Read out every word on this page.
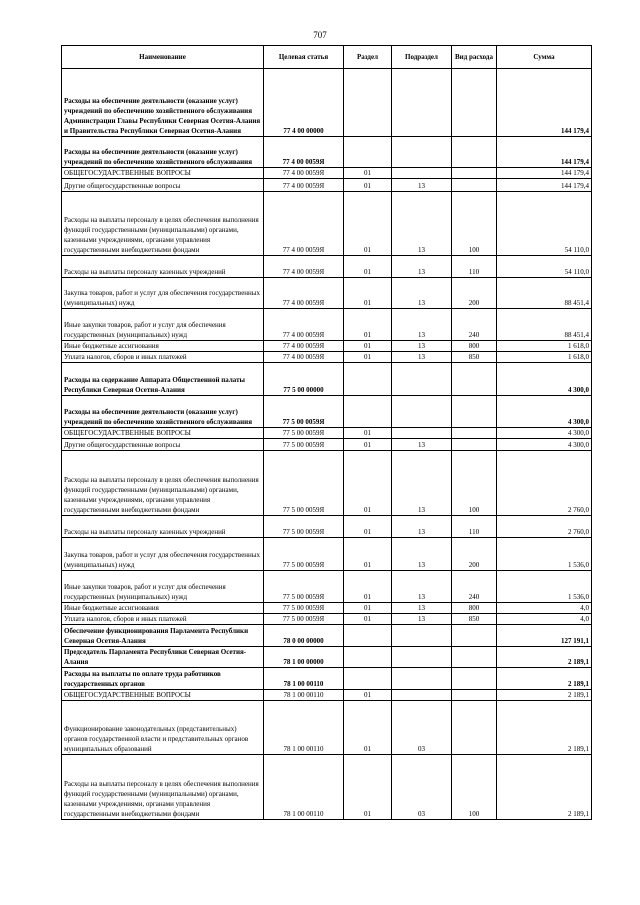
707
Наименование	Целевая статья	Раздел	Подраздел	Вид расхода	Сумма
Расходы на обеспечение деятельности (оказание услуг) учреждений по обеспечению хозяйственного обслуживания Администрации Главы Республики Северная Осетия-Алания и Правительства Республики Северная Осетия-Алания	77 4 00 00000				144 179,4
Расходы на обеспечение деятельности (оказание услуг) учреждений по обеспечению хозяйственного обслуживания	77 4 00 0059Я				144 179,4
ОБЩЕГОСУДАРСТВЕННЫЕ ВОПРОСЫ	77 4 00 0059Я	01			144 179,4
Другие общегосударственные вопросы	77 4 00 0059Я	01	13		144 179,4
Расходы на выплаты персоналу в целях обеспечения выполнения функций государственными (муниципальными) органами, казенными учреждениями, органами управления государственными внебюджетными фондами	77 4 00 0059Я	01	13	100	54 110,0
Расходы на выплаты персоналу казенных учреждений	77 4 00 0059Я	01	13	110	54 110,0
Закупка товаров, работ и услуг для обеспечения государственных (муниципальных) нужд	77 4 00 0059Я	01	13	200	88 451,4
Иные закупки товаров, работ и услуг для обеспечения государственных (муниципальных) нужд	77 4 00 0059Я	01	13	240	88 451,4
Иные бюджетные ассигнования	77 4 00 0059Я	01	13	800	1 618,0
Уплата налогов, сборов и иных платежей	77 4 00 0059Я	01	13	850	1 618,0
Расходы на содержание Аппарата Общественной палаты Республики Северная Осетия-Алания	77 5 00 00000				4 300,0
Расходы на обеспечение деятельности (оказание услуг) учреждений по обеспечению хозяйственного обслуживания	77 5 00 0059Я				4 300,0
ОБЩЕГОСУДАРСТВЕННЫЕ ВОПРОСЫ	77 5 00 0059Я	01			4 300,0
Другие общегосударственные вопросы	77 5 00 0059Я	01	13		4 300,0
Расходы на выплаты персоналу в целях обеспечения выполнения функций государственными (муниципальными) органами, казенными учреждениями, органами управления государственными внебюджетными фондами	77 5 00 0059Я	01	13	100	2 760,0
Расходы на выплаты персоналу казенных учреждений	77 5 00 0059Я	01	13	110	2 760,0
Закупка товаров, работ и услуг для обеспечения государственных (муниципальных) нужд	77 5 00 0059Я	01	13	200	1 536,0
Иные закупки товаров, работ и услуг для обеспечения государственных (муниципальных) нужд	77 5 00 0059Я	01	13	240	1 536,0
Иные бюджетные ассигнования	77 5 00 0059Я	01	13	800	4,0
Уплата налогов, сборов и иных платежей	77 5 00 0059Я	01	13	850	4,0
Обеспечение функционирования Парламента Республики Северная Осетия-Алания	78 0 00 00000				127 191,1
Председатель Парламента Республики Северная Осетия-Алания	78 1 00 00000				2 189,1
Расходы на выплаты по оплате труда работников государственных органов	78 1 00 00110				2 189,1
ОБЩЕГОСУДАРСТВЕННЫЕ ВОПРОСЫ	78 1 00 00110	01			2 189,1
Функционирование законодательных (представительных) органов государственной власти и представительных органов муниципальных образований	78 1 00 00110	01	03		2 189,1
Расходы на выплаты персоналу в целях обеспечения выполнения функций государственными (муниципальными) органами, казенными учреждениями, органами управления государственными внебюджетными фондами	78 1 00 00110	01	03	100	2 189,1
